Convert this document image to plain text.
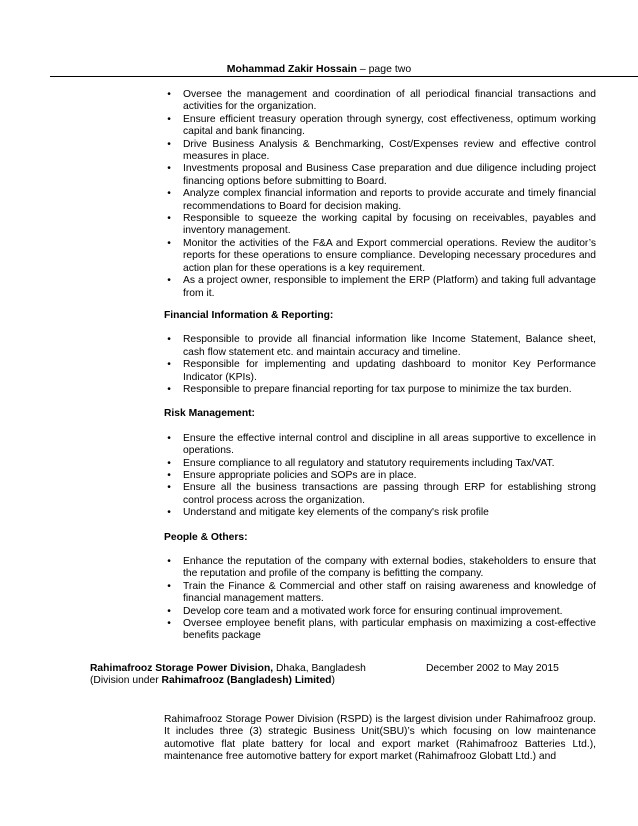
Mohammad Zakir Hossain – page two
•	Oversee the management and coordination of all periodical financial transactions and activities for the organization.
•	Ensure efficient treasury operation through synergy, cost effectiveness, optimum working capital and bank financing.
•	Drive Business Analysis & Benchmarking, Cost/Expenses review and effective control measures in place.
•	Investments proposal and Business Case preparation and due diligence including project financing options before submitting to Board.
•	Analyze complex financial information and reports to provide accurate and timely financial recommendations to Board for decision making.
•	Responsible to squeeze the working capital by focusing on receivables, payables and inventory management.
•	Monitor the activities of the F&A and Export commercial operations. Review the auditor’s reports for these operations to ensure compliance. Developing necessary procedures and action plan for these operations is a key requirement.
•	As a project owner, responsible to implement the ERP (Platform) and taking full advantage from it.
Financial Information & Reporting:
•	Responsible to provide all financial information like Income Statement, Balance sheet, cash flow statement etc. and maintain accuracy and timeline.
•	Responsible for implementing and updating dashboard to monitor Key Performance Indicator (KPIs).
•	Responsible to prepare financial reporting for tax purpose to minimize the tax burden.
Risk Management:
•	Ensure the effective internal control and discipline in all areas supportive to excellence in operations.
•	Ensure compliance to all regulatory and statutory requirements including Tax/VAT.
•	Ensure appropriate policies and SOPs are in place.
•	Ensure all the business transactions are passing through ERP for establishing strong control process across the organization.
•	Understand and mitigate key elements of the company's risk profile
People & Others:
•	Enhance the reputation of the company with external bodies, stakeholders to ensure that the reputation and profile of the company is befitting the company.
•	Train the Finance & Commercial and other staff on raising awareness and knowledge of financial management matters.
•	Develop core team and a motivated work force for ensuring continual improvement.
•	Oversee employee benefit plans, with particular emphasis on maximizing a cost-effective benefits package
Rahimafrooz Storage Power Division, Dhaka, Bangladesh	December 2002 to May 2015
(Division under Rahimafrooz (Bangladesh) Limited)
Rahimafrooz Storage Power Division (RSPD) is the largest division under Rahimafrooz group. It includes three (3) strategic Business Unit(SBU)’s which focusing on low maintenance automotive flat plate battery for local and export market (Rahimafrooz Batteries Ltd.), maintenance free automotive battery for export market (Rahimafrooz Globatt Ltd.) and
